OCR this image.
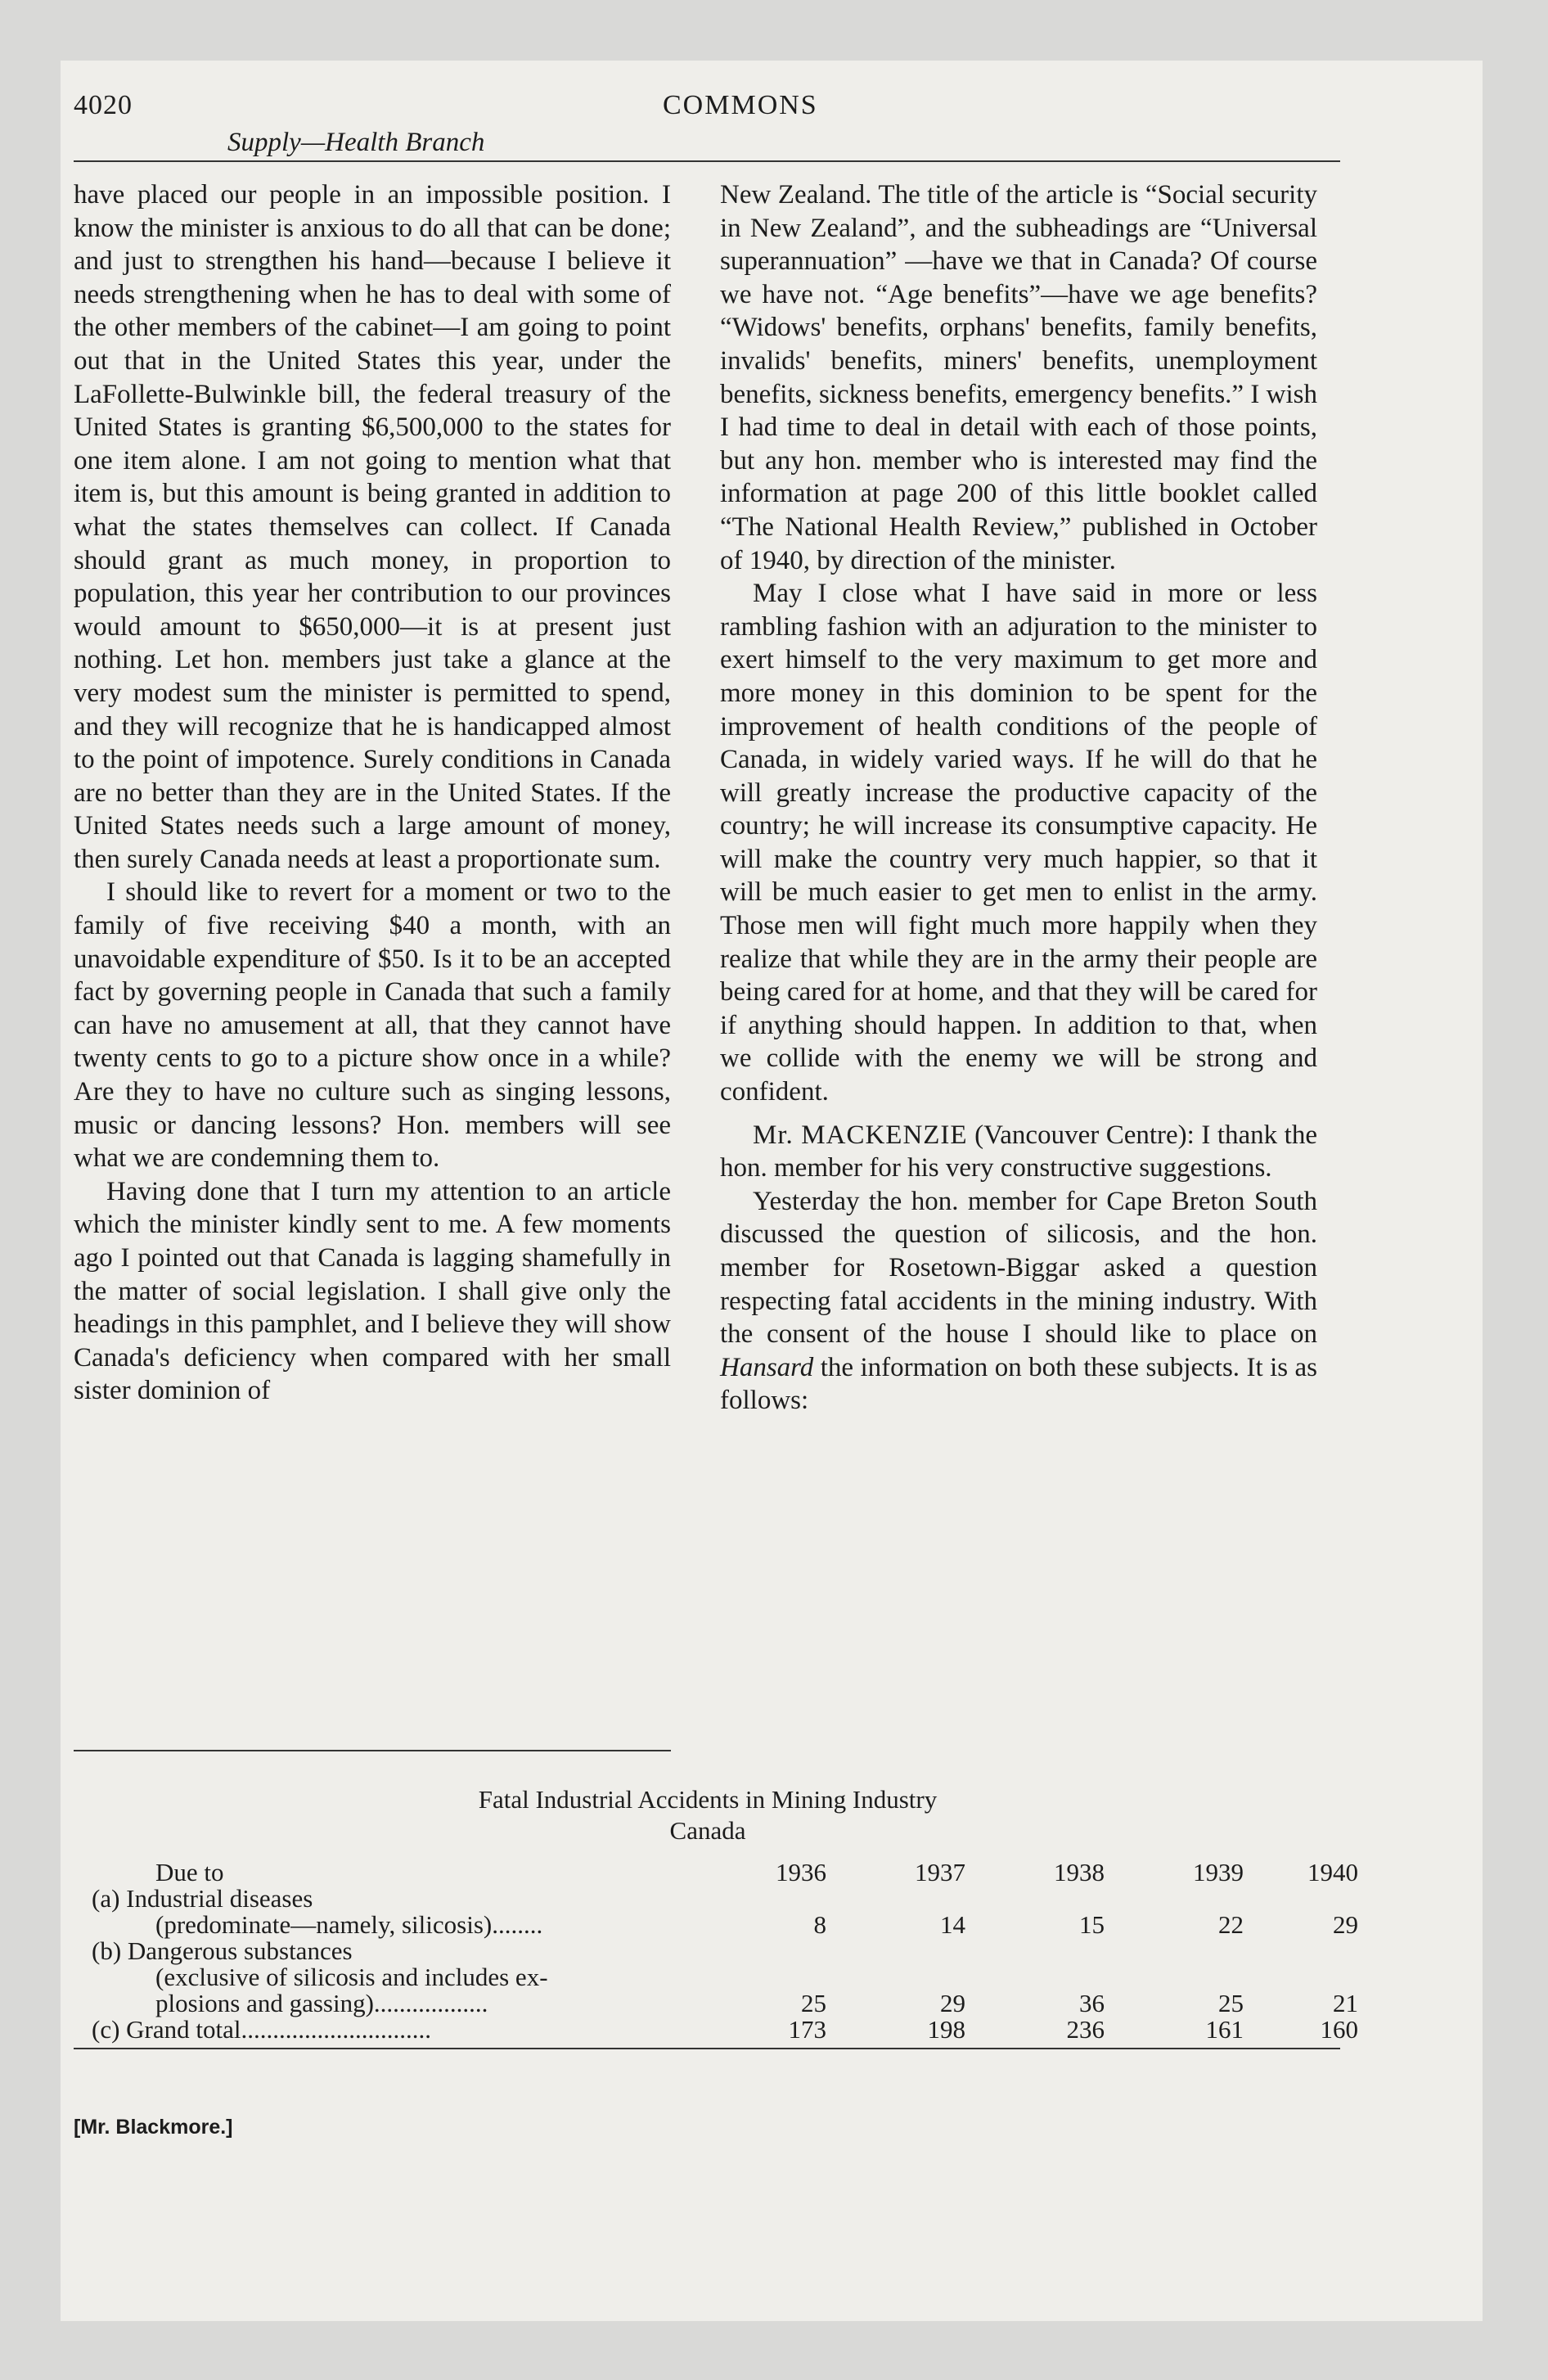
4020	COMMONS
Supply—Health Branch

have placed our people in an impossible position. I know the minister is anxious to do all that can be done; and just to strengthen his hand—because I believe it needs strengthening when he has to deal with some of the other members of the cabinet—I am going to point out that in the United States this year, under the LaFollette-Bulwinkle bill, the federal treasury of the United States is granting $6,500,000 to the states for one item alone. I am not going to mention what that item is, but this amount is being granted in addition to what the states themselves can collect. If Canada should grant as much money, in proportion to population, this year her contribution to our provinces would amount to $650,000—it is at present just nothing. Let hon. members just take a glance at the very modest sum the minister is permitted to spend, and they will recognize that he is handicapped almost to the point of impotence. Surely conditions in Canada are no better than they are in the United States. If the United States needs such a large amount of money, then surely Canada needs at least a proportionate sum.

I should like to revert for a moment or two to the family of five receiving $40 a month, with an unavoidable expenditure of $50. Is it to be an accepted fact by governing people in Canada that such a family can have no amusement at all, that they cannot have twenty cents to go to a picture show once in a while? Are they to have no culture such as singing lessons, music or dancing lessons? Hon. members will see what we are condemning them to.

Having done that I turn my attention to an article which the minister kindly sent to me. A few moments ago I pointed out that Canada is lagging shamefully in the matter of social legislation. I shall give only the headings in this pamphlet, and I believe they will show Canada's deficiency when compared with her small sister dominion of

New Zealand. The title of the article is “Social security in New Zealand”, and the subheadings are “Universal superannuation” —have we that in Canada? Of course we have not. “Age benefits”—have we age benefits? “Widows' benefits, orphans' benefits, family benefits, invalids' benefits, miners' benefits, unemployment benefits, sickness benefits, emergency benefits.” I wish I had time to deal in detail with each of those points, but any hon. member who is interested may find the information at page 200 of this little booklet called “The National Health Review,” published in October of 1940, by direction of the minister.

May I close what I have said in more or less rambling fashion with an adjuration to the minister to exert himself to the very maximum to get more and more money in this dominion to be spent for the improvement of health conditions of the people of Canada, in widely varied ways. If he will do that he will greatly increase the productive capacity of the country; he will increase its consumptive capacity. He will make the country very much happier, so that it will be much easier to get men to enlist in the army. Those men will fight much more happily when they realize that while they are in the army their people are being cared for at home, and that they will be cared for if anything should happen. In addition to that, when we collide with the enemy we will be strong and confident.

Mr. MACKENZIE (Vancouver Centre): I thank the hon. member for his very constructive suggestions.

Yesterday the hon. member for Cape Breton South discussed the question of silicosis, and the hon. member for Rosetown-Biggar asked a question respecting fatal accidents in the mining industry. With the consent of the house I should like to place on Hansard the information on both these subjects. It is as follows:

Fatal Industrial Accidents in Mining Industry
Canada
Due to	1936	1937	1938	1939	1940
(a) Industrial diseases
(predominate—namely, silicosis)........	8	14	15	22	29
(b) Dangerous substances
(exclusive of silicosis and includes ex-
plosions and gassing)..................	25	29	36	25	21
(c) Grand total..............................	173	198	236	161	160
[Mr. Blackmore.]
